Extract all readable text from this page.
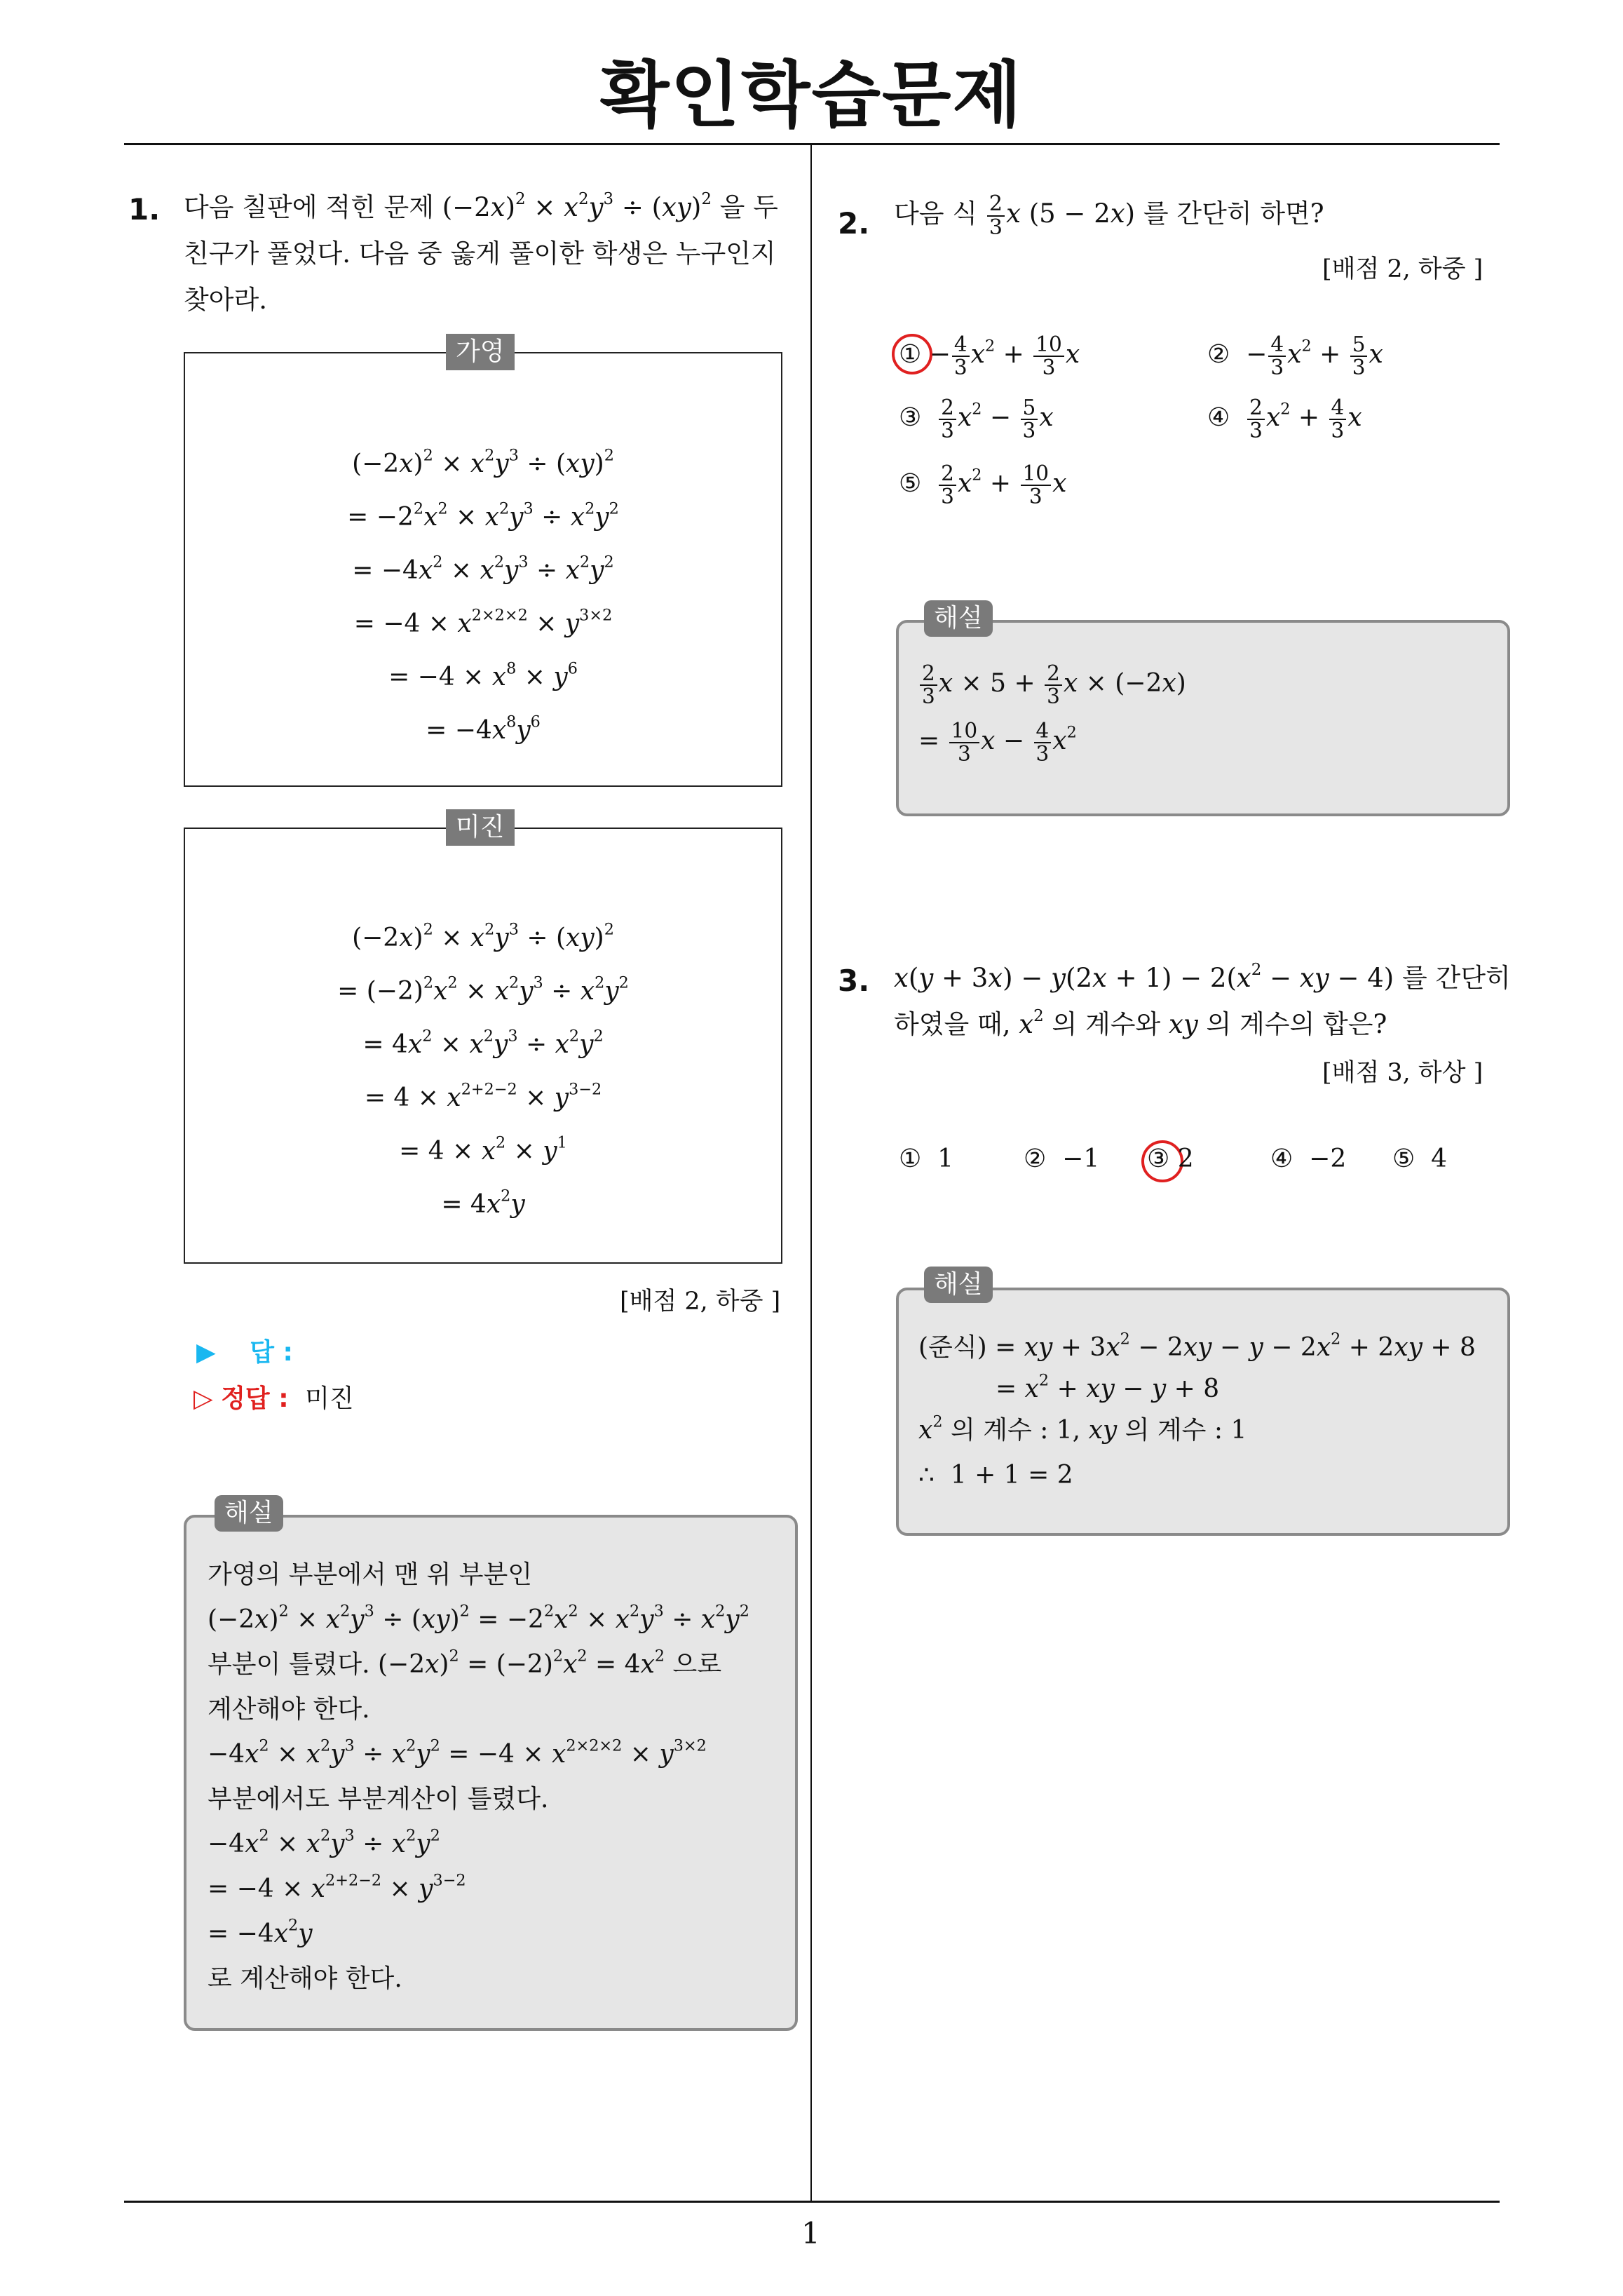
확인학습문제
1
1. 다음 칠판에 적힌 문제 $(-2x)^2 \times x^2y^3 \div (xy)^2$ 을 두
친구가 풀었다. 다음 중 옳게 풀이한 학생은 누구인지
찾아라.
$(-2x)^2 \times x^2y^3 \div (xy)^2$
= $-2^2x^2 \times x^2y^3 \div x^2y^2$
= $-4x^2 \times x^2y^3 \div x^2y^2$
= $-4 \times x^{2\times 2\times 2} \times y^{3\times 2}$
= $-4 \times x^8 \times y^6$
= $-4x^8y^6$
가영
$(-2x)^2 \times x^2y^3 \div (xy)^2$
= $(-2)^2x^2 \times x^2y^3 \div x^2y^2$
= $4x^2 \times x^2y^3 \div x^2y^2$
= $4 \times x^{2+2-2} \times y^{3-2}$
= $4 \times x^2 \times y^1$
= $4x^2y$
미진
[배점 2, 하중 ]
▶ 답 :
▷ 정답 : 미진
가영의 부분에서 맨 위 부분인
$(-2x)^2 \times x^2y^3 \div (xy)^2 = -2^2x^2 \times x^2y^3 \div x^2y^2$
부분이 틀렸다. $(-2x)^2 = (-2)^2x^2 = 4x^2$ 으로
계산해야 한다.
$-4x^2 \times x^2y^3 \div x^2y^2 = -4 \times x^{2\times 2\times 2} \times y^{3\times 2}$
부분에서도 부분계산이 틀렸다.
$-4x^2 \times x^2y^3 \div x^2y^2$
= $-4 \times x^{2+2-2} \times y^{3-2}$
= $-4x^2y$
로 계산해야 한다.
해설
2. 다음 식 $\frac{2}{3}$ x (5 − 2x) 를 간단히 하면?
[배점 2, 하중 ]
① − $\frac{4}{3} x^2 + \frac{10}{3}$ x	②  − $\frac{4}{3} x^2 + \frac{5}{3}$ x
③ $\frac{2}{3} x^2 - \frac{5}{3}$ x	④ $\frac{2}{3} x^2 + \frac{4}{3}$ x
⑤ $\frac{2}{3} x^2 + \frac{10}{3}$ x
$\frac{2}{3}$ $x \times 5 + \frac{2}{3}$ x × (−2x)
= $\frac{10}{3}$ $x - \frac{4}{3} x^2$
해설
3. $x(y + 3x) - y(2x + 1) - 2(x^2$ − xy − 4) 를 간단히
하였을 때, $x^2$ 의 계수와 xy 의 계수의 합은?
[배점 3, 하상 ]
① 1	② −1 ③ 2	④ −2 ⑤ 4
(준식) = xy + $3x^2 - 2xy - y - 2x^2 + 2xy + 8$
= $x^2$ + xy − y + 8
$x^2$ 의 계수 : 1, xy 의 계수 : 1
∴  1 + 1 = 2
해설
